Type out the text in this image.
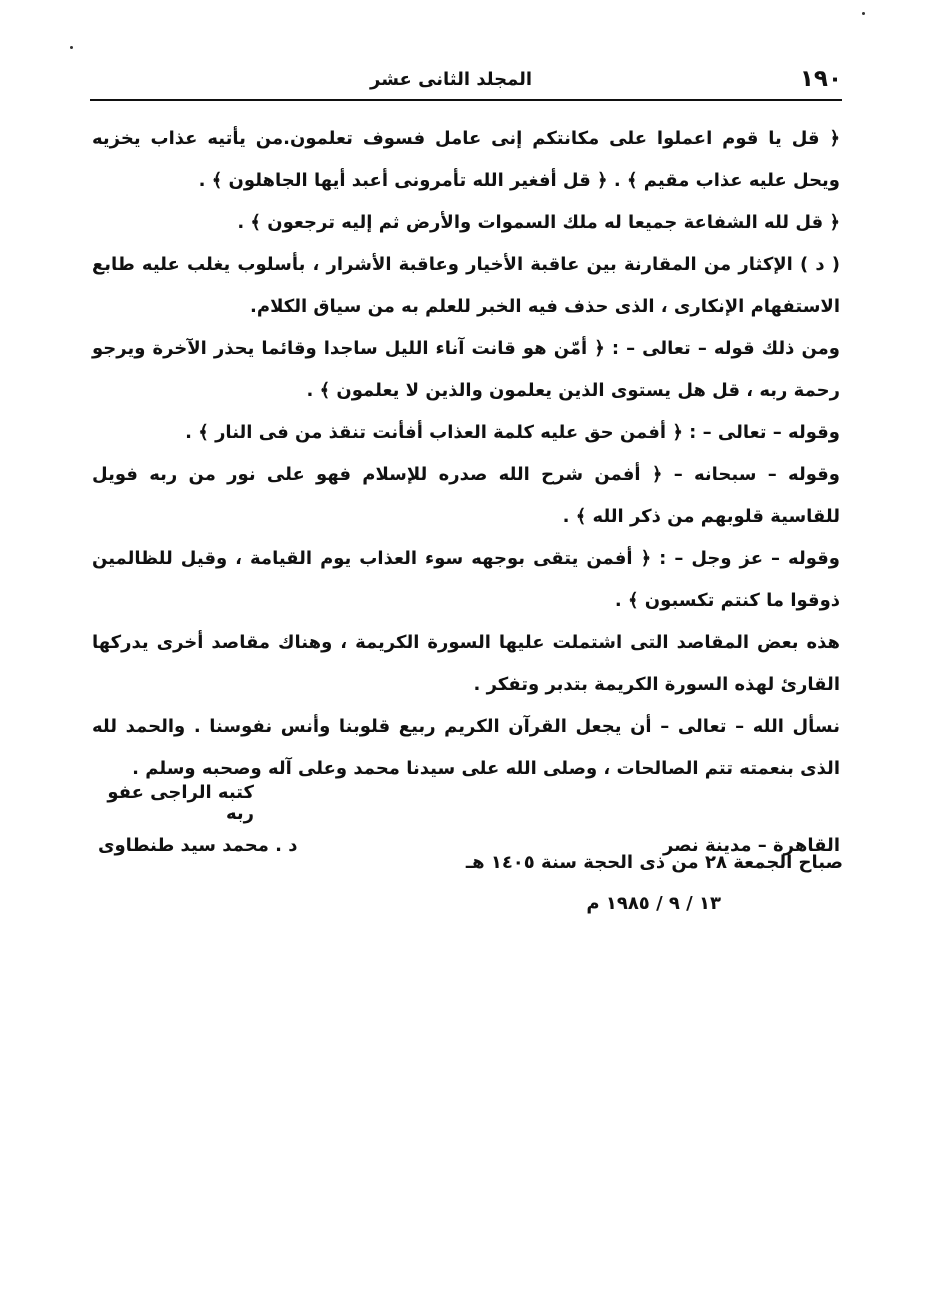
١٩٠
المجلد الثانى عشر

﴿ قل يا قوم اعملوا على مكانتكم إنى عامل فسوف تعلمون.من يأتيه عذاب يخزيه ويحل عليه عذاب مقيم ﴾ . ﴿ قل أفغير الله تأمرونى أعبد أيها الجاهلون ﴾ .

﴿ قل لله الشفاعة جميعا له ملك السموات والأرض ثم إليه ترجعون ﴾ .

( د ) الإكثار من المقارنة بين عاقبة الأخيار وعاقبة الأشرار ، بأسلوب يغلب عليه طابع الاستفهام الإنكارى ، الذى حذف فيه الخبر للعلم به من سياق الكلام.

ومن ذلك قوله – تعالى – : ﴿ أمّن هو قانت آناء الليل ساجدا وقائما يحذر الآخرة ويرجو رحمة ربه ، قل هل يستوى الذين يعلمون والذين لا يعلمون ﴾ .

وقوله – تعالى – : ﴿ أفمن حق عليه كلمة العذاب أفأنت تنقذ من فى النار ﴾ .

وقوله – سبحانه – ﴿ أفمن شرح الله صدره للإسلام فهو على نور من ربه فويل للقاسية قلوبهم من ذكر الله ﴾ .

وقوله – عز وجل – : ﴿ أفمن يتقى بوجهه سوء العذاب يوم القيامة ، وقيل للظالمين ذوقوا ما كنتم تكسبون ﴾ .

هذه بعض المقاصد التى اشتملت عليها السورة الكريمة ، وهناك مقاصد أخرى يدركها القارئ لهذه السورة الكريمة بتدبر وتفكر .

نسأل الله – تعالى – أن يجعل القرآن الكريم ربيع قلوبنا وأنس نفوسنا . والحمد لله الذى بنعمته تتم الصالحات ، وصلى الله على سيدنا محمد وعلى آله وصحبه وسلم .

كتبه الراجى عفو ربه
القاهرة – مدينة نصر
د . محمد سيد طنطاوى
صباح الجمعة ٢٨ من ذى الحجة سنة ١٤٠٥ هـ
١٣ / ٩ / ١٩٨٥ م
